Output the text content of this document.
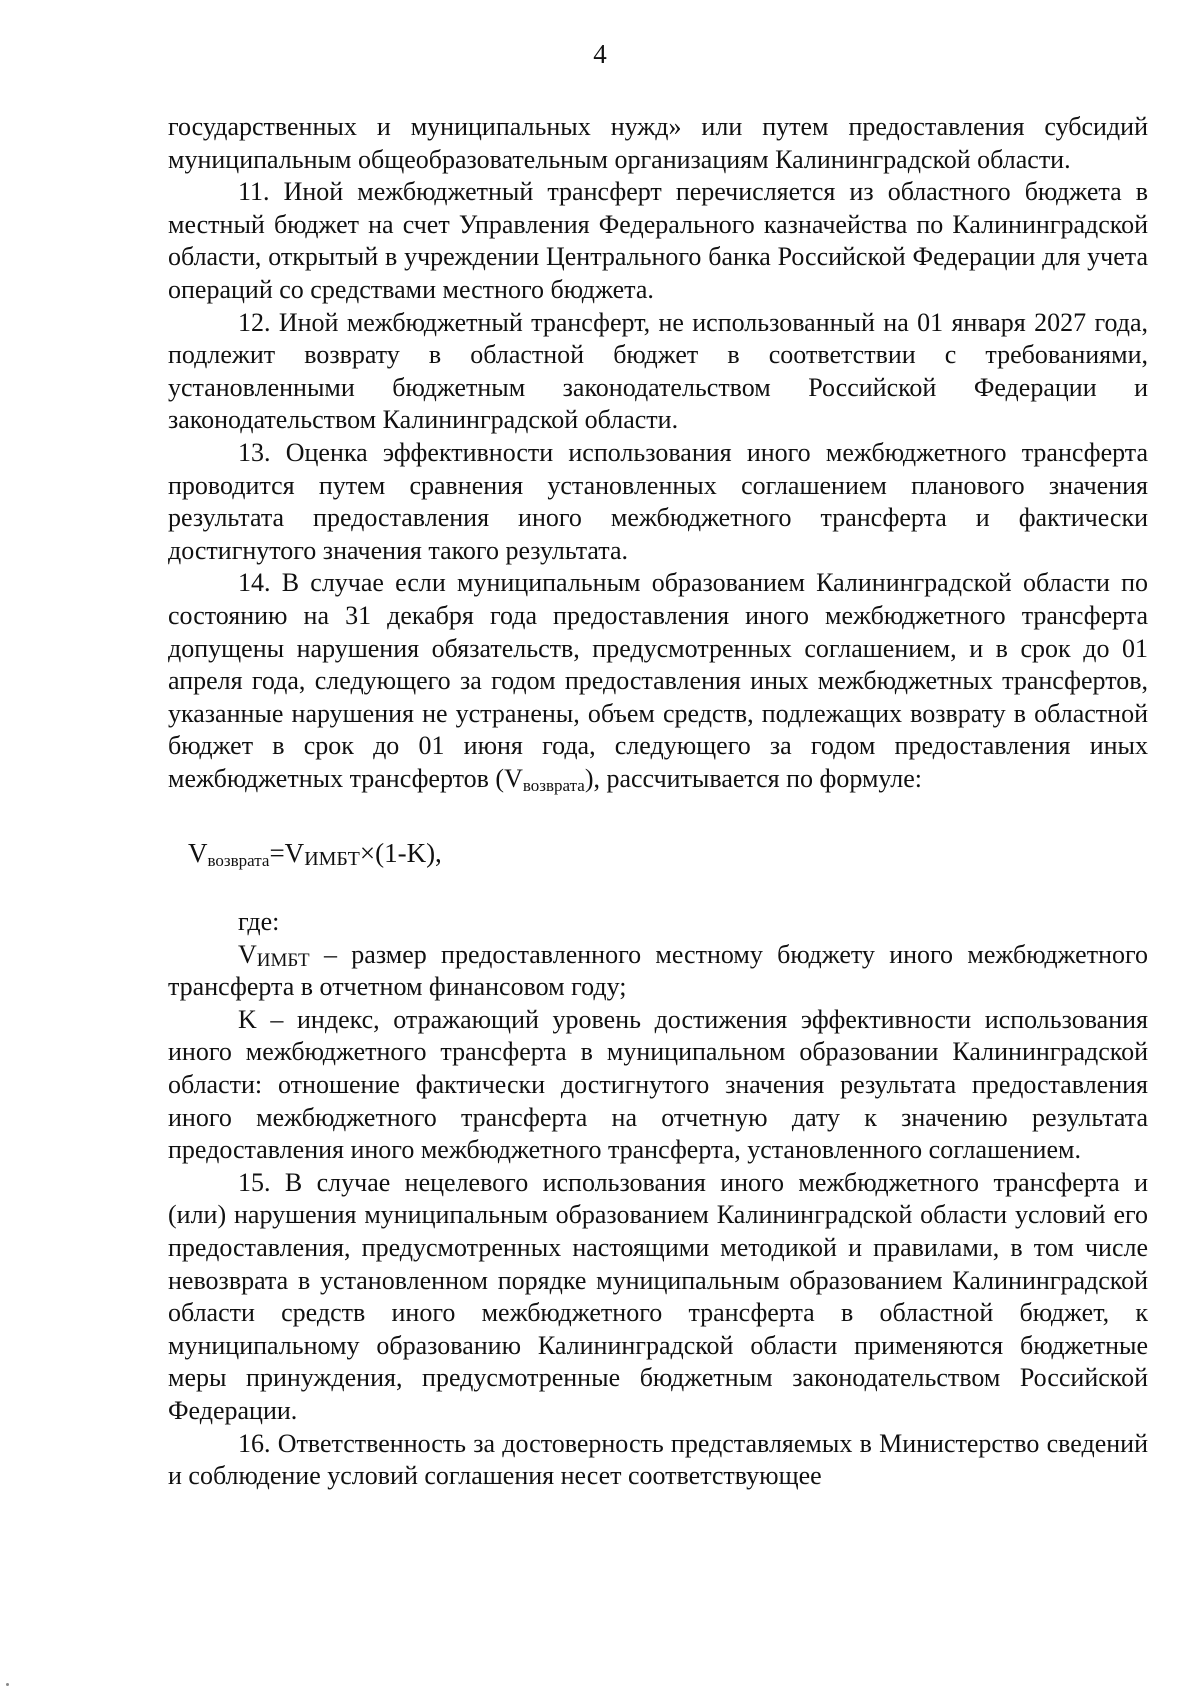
4

государственных и муниципальных нужд» или путем предоставления субсидий муниципальным общеобразовательным организациям Калининградской области.

11. Иной межбюджетный трансферт перечисляется из областного бюджета в местный бюджет на счет Управления Федерального казначейства по Калининградской области, открытый в учреждении Центрального банка Российской Федерации для учета операций со средствами местного бюджета.

12. Иной межбюджетный трансферт, не использованный на 01 января 2027 года, подлежит возврату в областной бюджет в соответствии с требованиями, установленными бюджетным законодательством Российской Федерации и законодательством Калининградской области.

13. Оценка эффективности использования иного межбюджетного трансферта проводится путем сравнения установленных соглашением планового значения результата предоставления иного межбюджетного трансферта и фактически достигнутого значения такого результата.

14. В случае если муниципальным образованием Калининградской области по состоянию на 31 декабря года предоставления иного межбюджетного трансферта допущены нарушения обязательств, предусмотренных соглашением, и в срок до 01 апреля года, следующего за годом предоставления иных межбюджетных трансфертов, указанные нарушения не устранены, объем средств, подлежащих возврату в областной бюджет в срок до 01 июня года, следующего за годом предоставления иных межбюджетных трансфертов $(V_{возврата})$, рассчитывается по формуле:

$V_{возврата}=VИМБТ\times(1-K)$,

где:

VИМБТ – размер предоставленного местному бюджету иного межбюджетного трансферта в отчетном финансовом году;

K – индекс, отражающий уровень достижения эффективности использования иного межбюджетного трансферта в муниципальном образовании Калининградской области: отношение фактически достигнутого значения результата предоставления иного межбюджетного трансферта на отчетную дату к значению результата предоставления иного межбюджетного трансферта, установленного соглашением.

15. В случае нецелевого использования иного межбюджетного трансферта и (или) нарушения муниципальным образованием Калининградской области условий его предоставления, предусмотренных настоящими методикой и правилами, в том числе невозврата в установленном порядке муниципальным образованием Калининградской области средств иного межбюджетного трансферта в областной бюджет, к муниципальному образованию Калининградской области применяются бюджетные меры принуждения, предусмотренные бюджетным законодательством Российской Федерации.

16. Ответственность за достоверность представляемых в Министерство сведений и соблюдение условий соглашения несет соответствующее
